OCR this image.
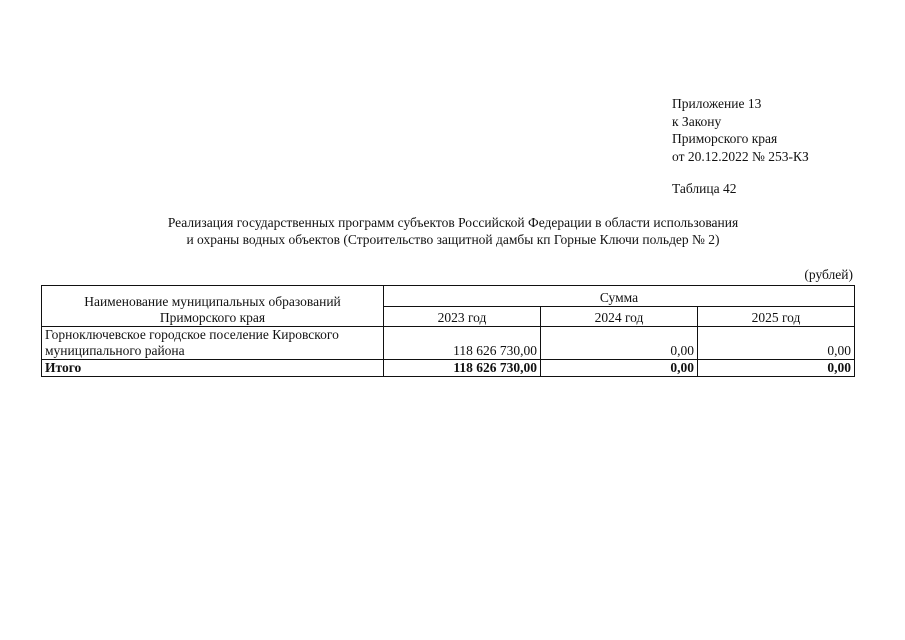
Приложение 13
к Закону
Приморского края
от 20.12.2022 № 253-КЗ
Таблица 42
Реализация государственных программ субъектов Российской Федерации в области использования
и охраны водных объектов (Строительство защитной дамбы кп Горные Ключи польдер № 2)
(рублей)
Наименование муниципальных образований Приморского края	Сумма		
	2023 год	2024 год	2025 год
Горноключевское городское поселение Кировского муниципального района	118 626 730,00	0,00	0,00
Итого	118 626 730,00	0,00	0,00
